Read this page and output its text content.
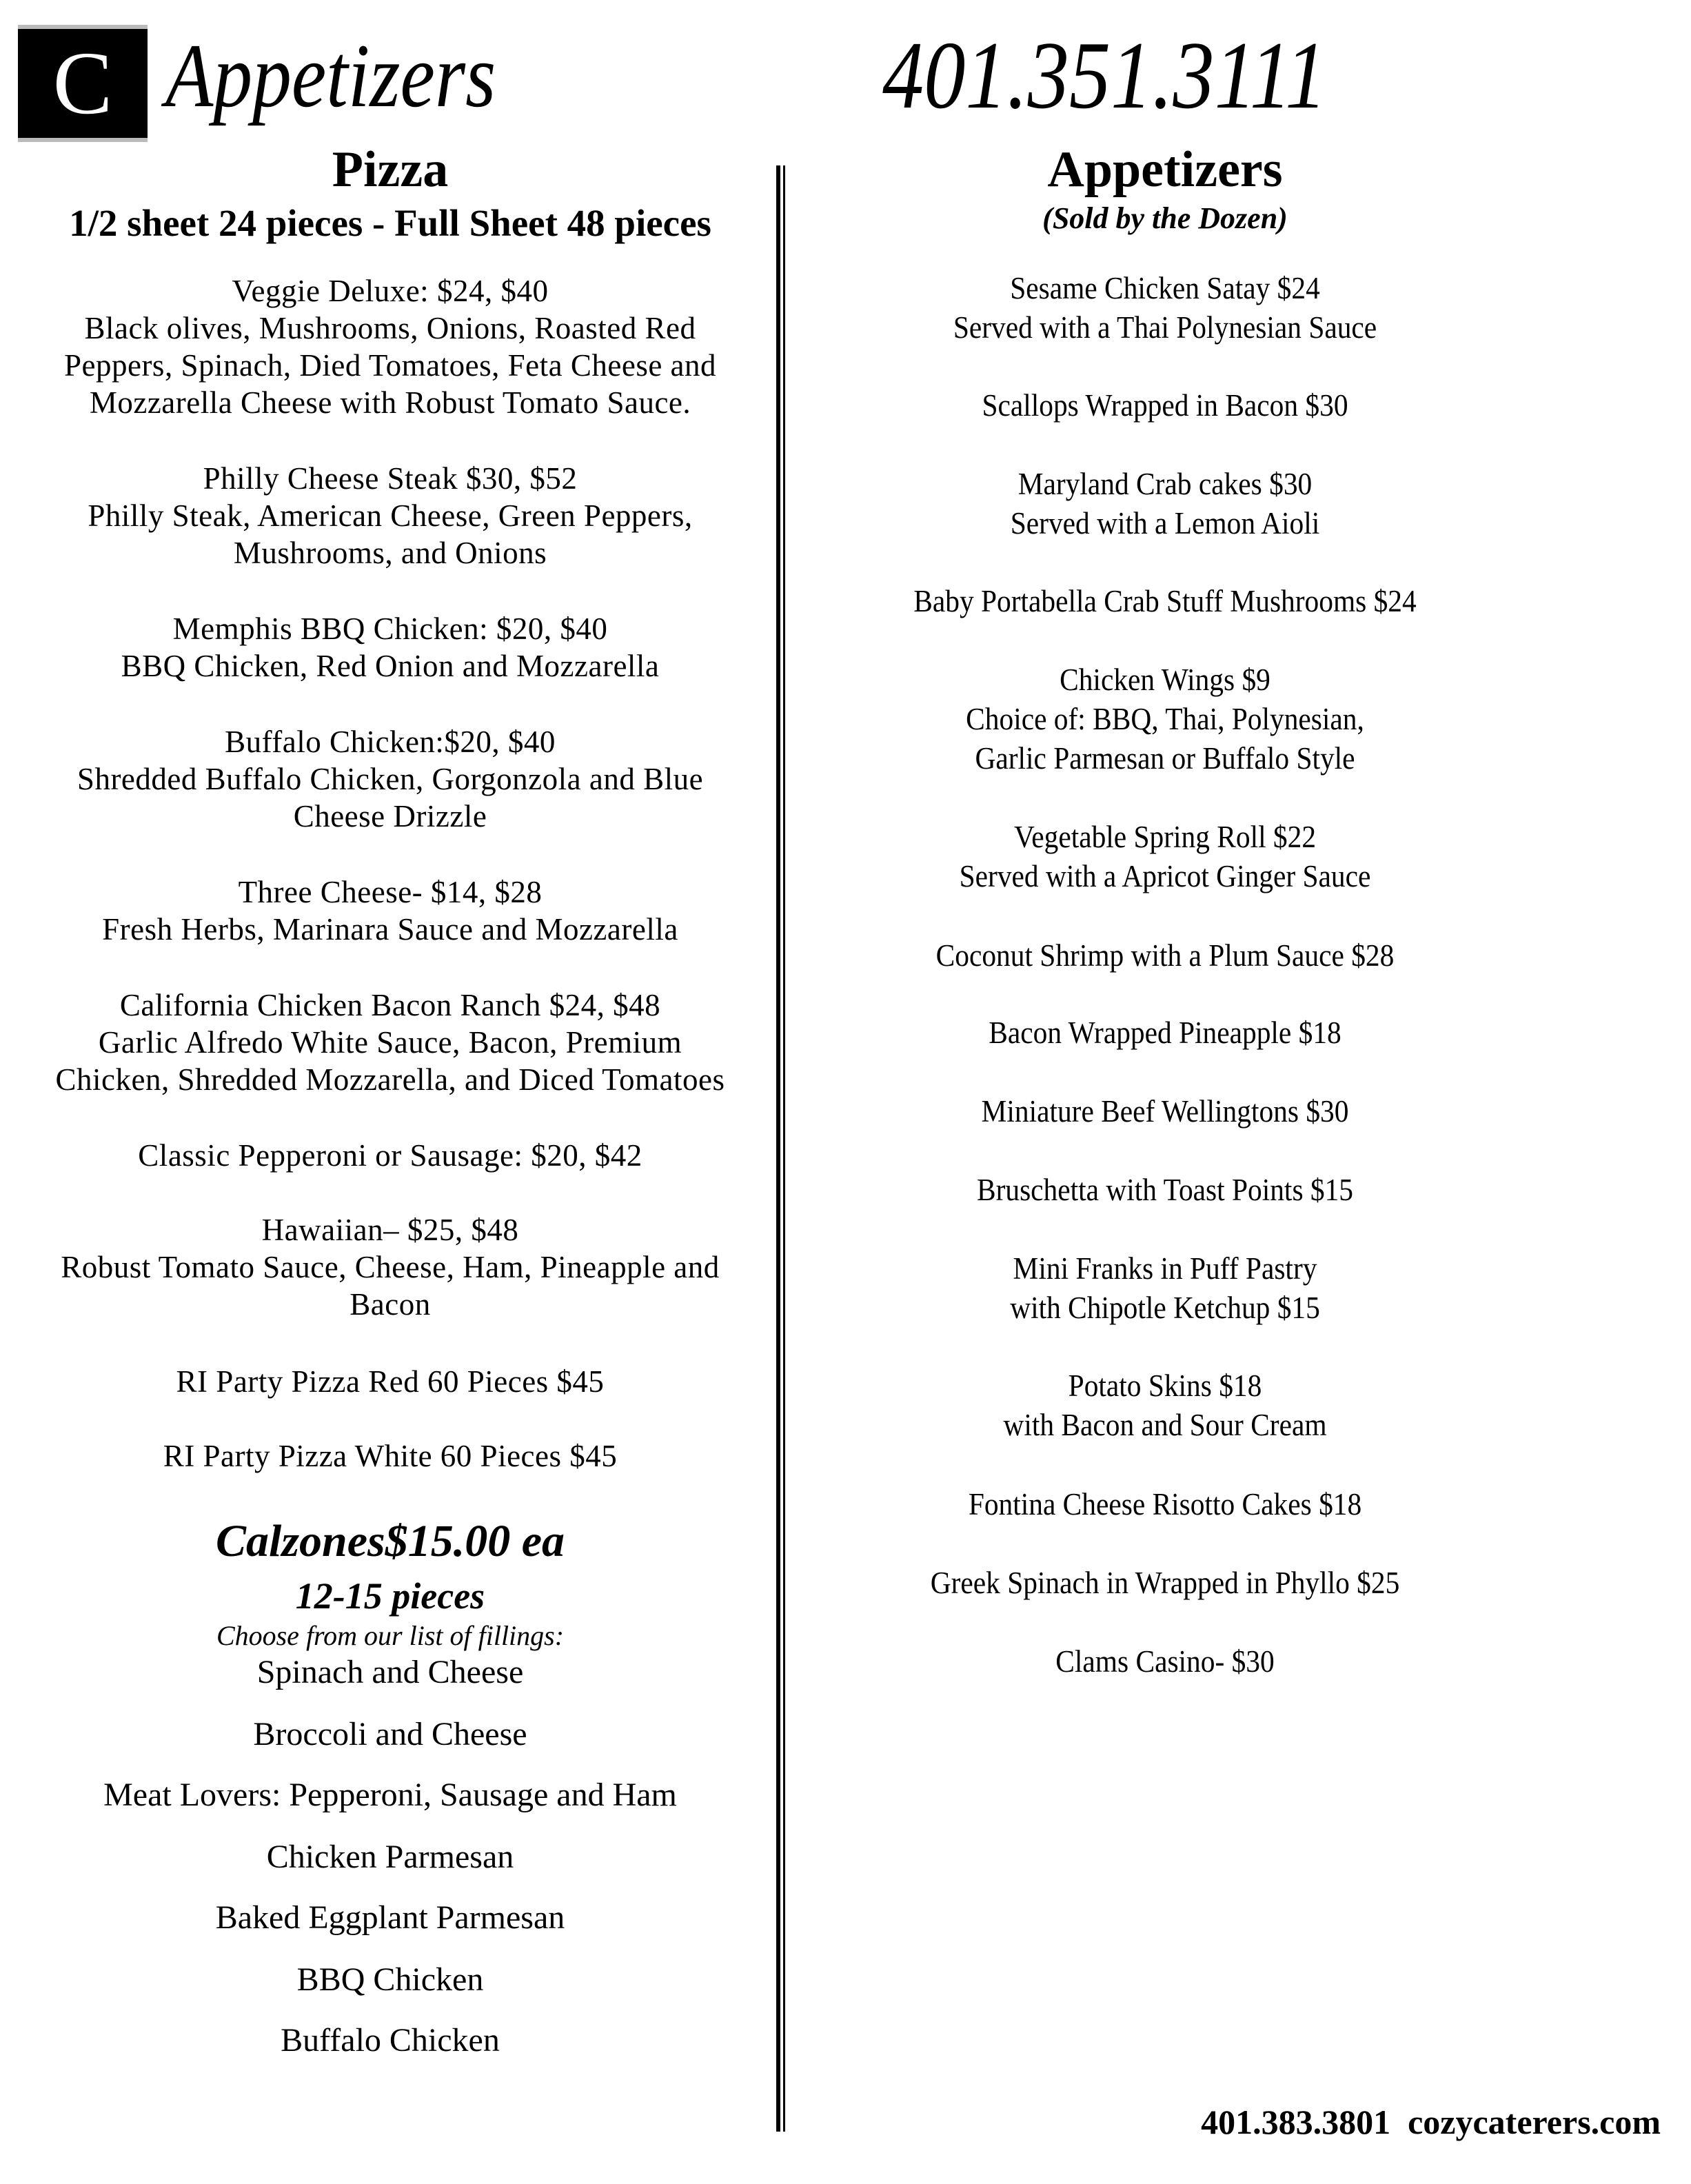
C Appetizers	401.351.3111
Pizza
1/2 sheet 24 pieces - Full Sheet 48 pieces
Veggie Deluxe: $24, $40
Black olives, Mushrooms, Onions, Roasted Red
Peppers, Spinach, Died Tomatoes, Feta Cheese and
Mozzarella Cheese with Robust Tomato Sauce.
Philly Cheese Steak $30, $52
Philly Steak, American Cheese, Green Peppers,
Mushrooms, and Onions
Memphis BBQ Chicken: $20, $40
BBQ Chicken, Red Onion and Mozzarella
Buffalo Chicken:$20, $40
Shredded Buffalo Chicken, Gorgonzola and Blue
Cheese Drizzle
Three Cheese- $14, $28
Fresh Herbs, Marinara Sauce and Mozzarella
California Chicken Bacon Ranch $24, $48
Garlic Alfredo White Sauce, Bacon, Premium
Chicken, Shredded Mozzarella, and Diced Tomatoes
Classic Pepperoni or Sausage: $20, $42
Hawaiian– $25, $48
Robust Tomato Sauce, Cheese, Ham, Pineapple and
Bacon
RI Party Pizza Red 60 Pieces $45
RI Party Pizza White 60 Pieces $45
Calzones$15.00 ea
12-15 pieces
Choose from our list of fillings:
Spinach and Cheese
Broccoli and Cheese
Meat Lovers: Pepperoni, Sausage and Ham
Chicken Parmesan
Baked Eggplant Parmesan
BBQ Chicken
Buffalo Chicken
Appetizers
(Sold by the Dozen)
Sesame Chicken Satay $24
Served with a Thai Polynesian Sauce
Scallops Wrapped in Bacon $30
Maryland Crab cakes $30
Served with a Lemon Aioli
Baby Portabella Crab Stuff Mushrooms $24
Chicken Wings $9
Choice of: BBQ, Thai, Polynesian,
Garlic Parmesan or Buffalo Style
Vegetable Spring Roll $22
Served with a Apricot Ginger Sauce
Coconut Shrimp with a Plum Sauce $28
Bacon Wrapped Pineapple $18
Miniature Beef Wellingtons $30
Bruschetta with Toast Points $15
Mini Franks in Puff Pastry
with Chipotle Ketchup $15
Potato Skins $18
with Bacon and Sour Cream
Fontina Cheese Risotto Cakes $18
Greek Spinach in Wrapped in Phyllo $25
Clams Casino- $30
401.383.3801 cozycaterers.com
